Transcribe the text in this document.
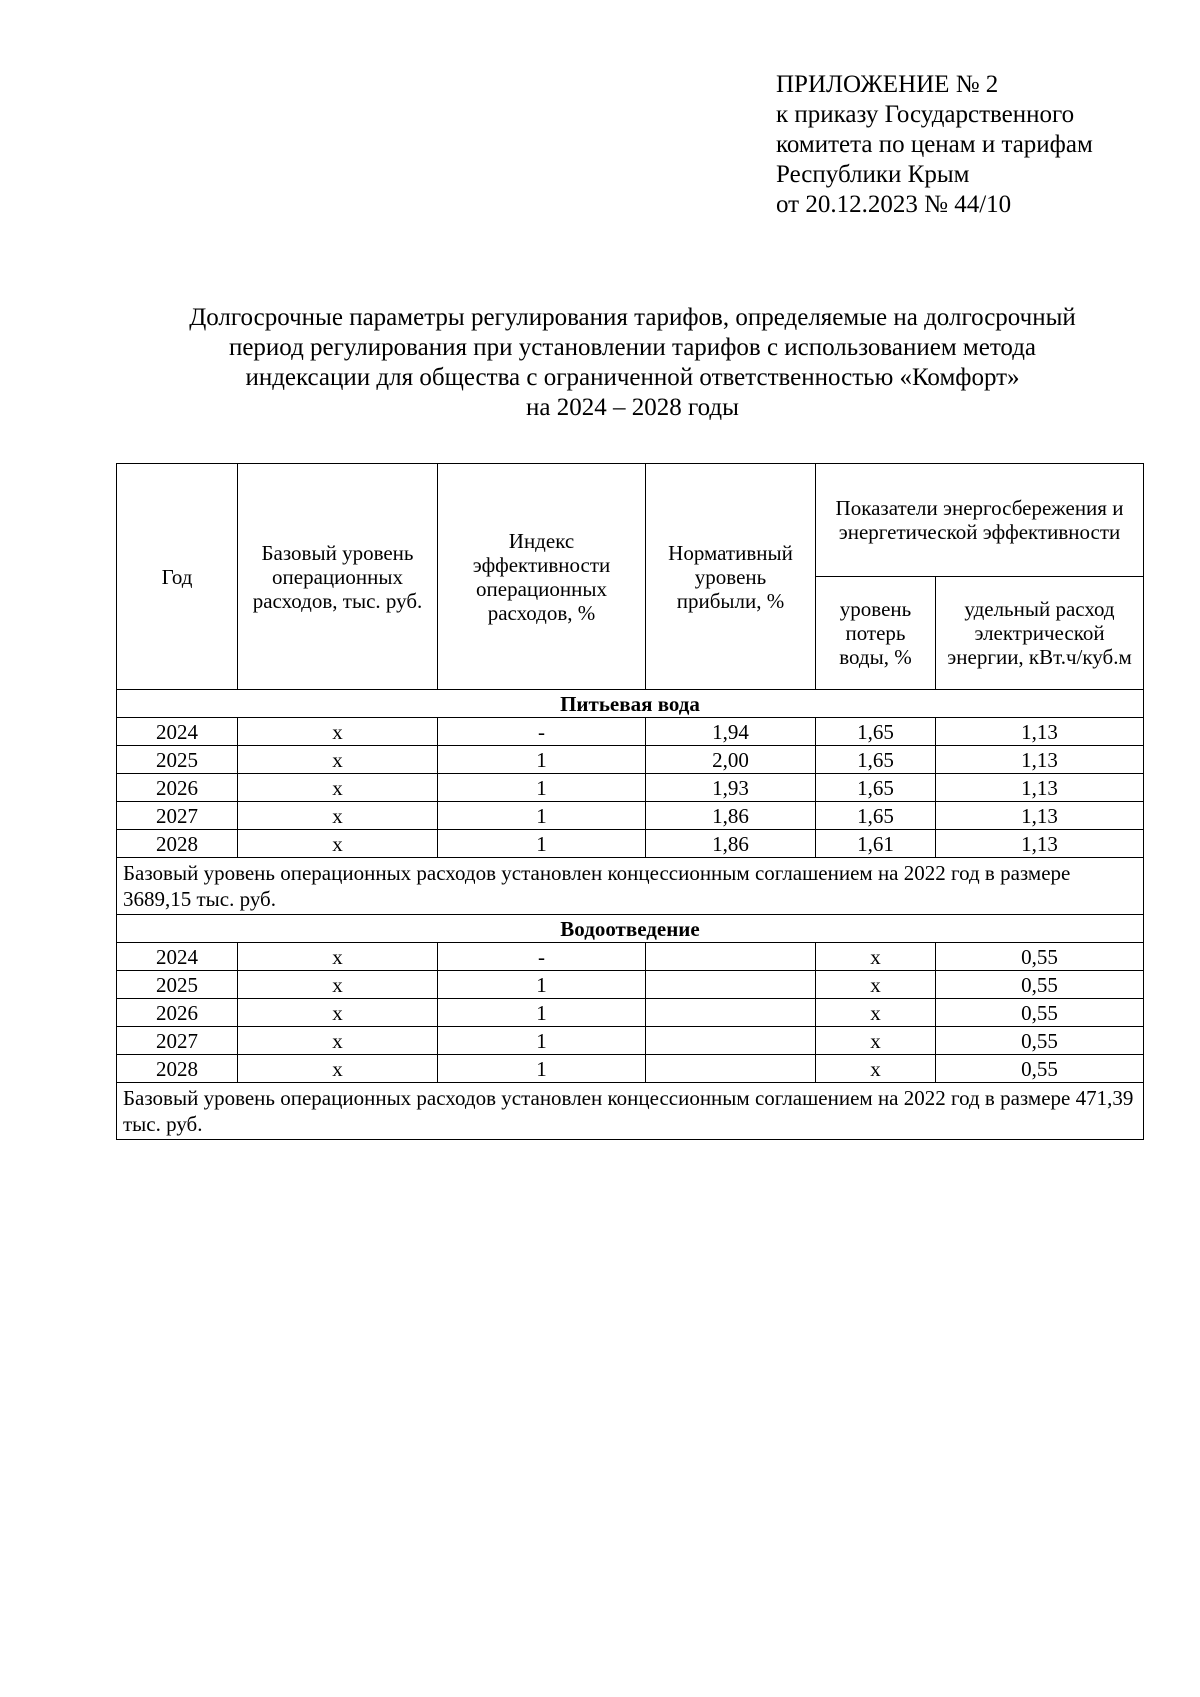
ПРИЛОЖЕНИЕ № 2
к приказу Государственного
комитета по ценам и тарифам
Республики Крым
от 20.12.2023 № 44/10
Долгосрочные параметры регулирования тарифов, определяемые на долгосрочный
период регулирования при установлении тарифов с использованием метода
индексации для общества с ограниченной ответственностью «Комфорт»
на 2024 – 2028 годы
Год	Базовый уровень операционных расходов, тыс. руб.	Индекс эффективности операционных расходов, %	Нормативный уровень прибыли, %	Показатели энергосбережения и энергетической эффективности	
				уровень потерь воды, %	удельный расход электрической энергии, кВт.ч/куб.м
Питьевая вода					
2024	х	-	1,94	1,65	1,13
2025	х	1	2,00	1,65	1,13
2026	х	1	1,93	1,65	1,13
2027	х	1	1,86	1,65	1,13
2028	х	1	1,86	1,61	1,13
Базовый уровень операционных расходов установлен концессионным соглашением на 2022 год в размере 3689,15 тыс. руб.					
Водоотведение					
2024	х	-		х	0,55
2025	х	1		х	0,55
2026	х	1		х	0,55
2027	х	1		х	0,55
2028	х	1		х	0,55
Базовый уровень операционных расходов установлен концессионным соглашением на 2022 год в размере 471,39 тыс. руб.					
